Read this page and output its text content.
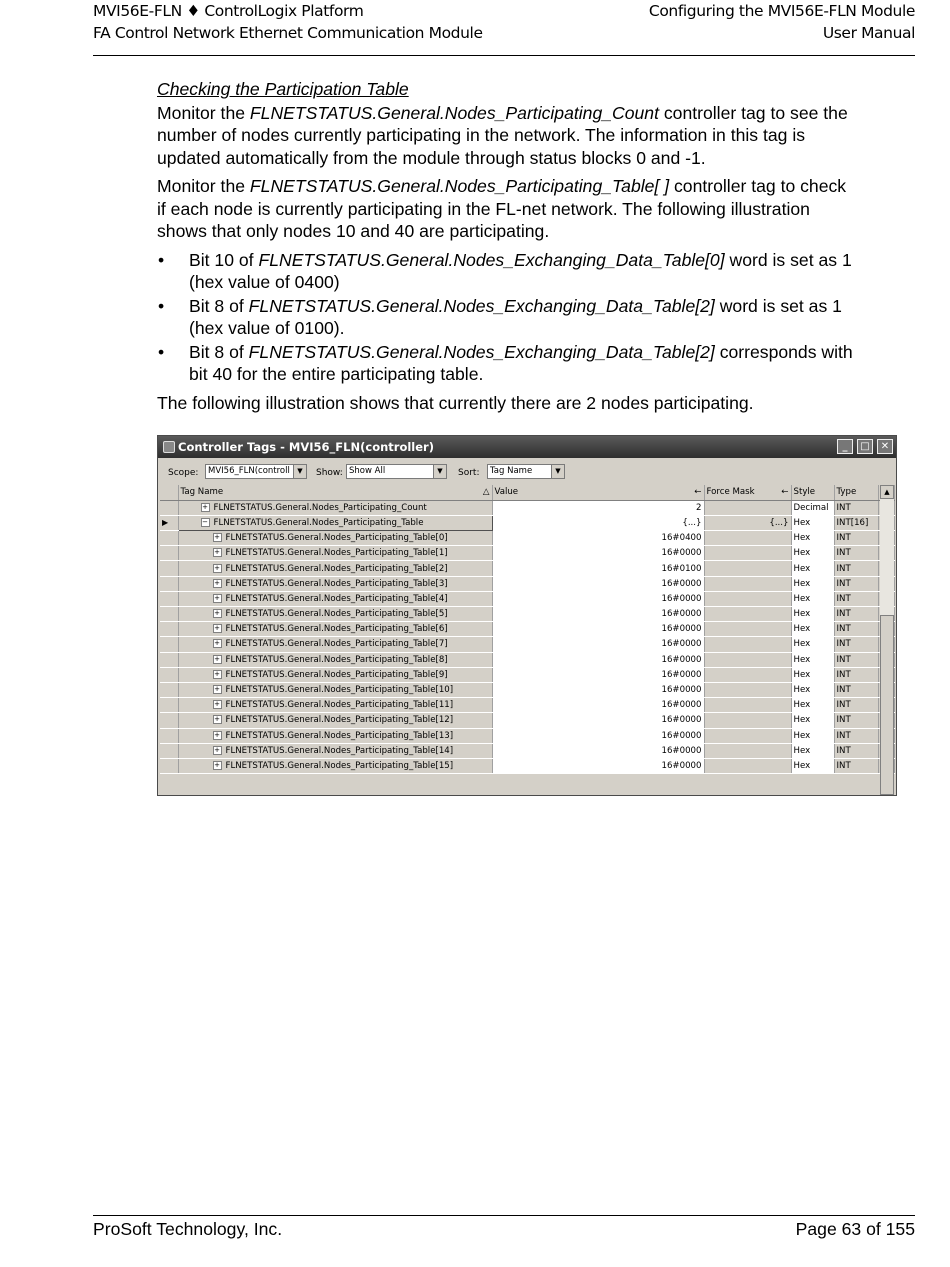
MVI56E-FLN ♦ ControlLogix Platform
FA Control Network Ethernet Communication Module
Configuring the MVI56E-FLN Module
User Manual
Checking the Participation Table

Monitor the FLNETSTATUS.General.Nodes_Participating_Count controller tag to see the number of nodes currently participating in the network. The information in this tag is updated automatically from the module through status blocks 0 and -1.

Monitor the FLNETSTATUS.General.Nodes_Participating_Table[ ] controller tag to check if each node is currently participating in the FL-net network. The following illustration shows that only nodes 10 and 40 are participating.

• Bit 10 of FLNETSTATUS.General.Nodes_Exchanging_Data_Table[0] word is set as 1 (hex value of 0400)
• Bit 8 of FLNETSTATUS.General.Nodes_Exchanging_Data_Table[2] word is set as 1 (hex value of 0100).
• Bit 8 of FLNETSTATUS.General.Nodes_Exchanging_Data_Table[2] corresponds with bit 40 for the entire participating table.

The following illustration shows that currently there are 2 nodes participating.

Controller Tags - MVI56_FLN(controller)	_	□	✕
Scope:	MVI56_FLN(controll	▼	Show: Show All	▼	Sort:	Tag Name	▼
	Tag Name △	Value ←	Force Mask ←	Style	Type	
	+ FLNETSTATUS.General.Nodes_Participating_Count	2		Decimal	INT	
▶	− FLNETSTATUS.General.Nodes_Participating_Table	{...}	{...}	Hex	INT[16]	
	+ FLNETSTATUS.General.Nodes_Participating_Table[0]	16#0400		Hex	INT	
	+ FLNETSTATUS.General.Nodes_Participating_Table[1]	16#0000		Hex	INT	
	+ FLNETSTATUS.General.Nodes_Participating_Table[2]	16#0100		Hex	INT	
	+ FLNETSTATUS.General.Nodes_Participating_Table[3]	16#0000		Hex	INT	
	+ FLNETSTATUS.General.Nodes_Participating_Table[4]	16#0000		Hex	INT	
	+ FLNETSTATUS.General.Nodes_Participating_Table[5]	16#0000		Hex	INT	
	+ FLNETSTATUS.General.Nodes_Participating_Table[6]	16#0000		Hex	INT	
	+ FLNETSTATUS.General.Nodes_Participating_Table[7]	16#0000		Hex	INT	
	+ FLNETSTATUS.General.Nodes_Participating_Table[8]	16#0000		Hex	INT	
	+ FLNETSTATUS.General.Nodes_Participating_Table[9]	16#0000		Hex	INT	
	+ FLNETSTATUS.General.Nodes_Participating_Table[10]	16#0000		Hex	INT	
	+ FLNETSTATUS.General.Nodes_Participating_Table[11]	16#0000		Hex	INT	
	+ FLNETSTATUS.General.Nodes_Participating_Table[12]	16#0000		Hex	INT	
	+ FLNETSTATUS.General.Nodes_Participating_Table[13]	16#0000		Hex	INT	
	+ FLNETSTATUS.General.Nodes_Participating_Table[14]	16#0000		Hex	INT	
	+ FLNETSTATUS.General.Nodes_Participating_Table[15]	16#0000		Hex	INT	
▲
ProSoft Technology, Inc.	Page 63 of 155
